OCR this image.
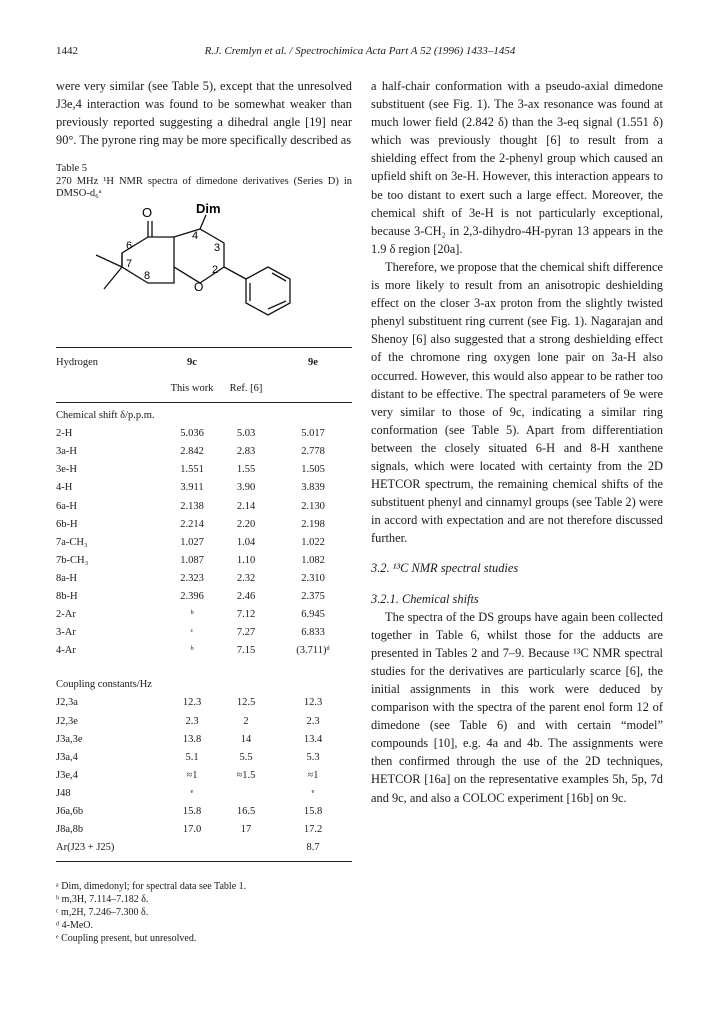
1442	R.J. Cremlyn et al. / Spectrochimica Acta Part A 52 (1996) 1433–1454

were very similar (see Table 5), except that the unresolved J3e,4 interaction was found to be somewhat weaker than previously reported suggesting a dihedral angle [19] near 90°. The pyrone ring may be more specifically described as

Table 5
270 MHz ¹H NMR spectra of dimedone derivatives (Series D) in DMSO-d₆ᵃ
O	Dim
O
6
7
8
4
3
2

Hydrogen	9c		9e

	This work	Ref. [6]	

Chemical shift δ/p.p.m.			
2-H	5.036	5.03	5.017
3a-H	2.842	2.83	2.778
3e-H	1.551	1.55	1.505
4-H	3.911	3.90	3.839
6a-H	2.138	2.14	2.130
6b-H	2.214	2.20	2.198
7a-CH₃	1.027	1.04	1.022
7b-CH₃	1.087	1.10	1.082
8a-H	2.323	2.32	2.310
8b-H	2.396	2.46	2.375
2-Ar	ᵇ	7.12	6.945
3-Ar	ᶜ	7.27	6.833
4-Ar	ᵇ	7.15	(3.711)ᵈ

Coupling constants/Hz			
J2,3a	12.3	12.5	12.3
J2,3e	2.3	2	2.3
J3a,3e	13.8	14	13.4
J3a,4	5.1	5.5	5.3
J3e,4	≈1	≈1.5	≈1
J48	ᵉ		ᵉ
J6a,6b	15.8	16.5	15.8
J8a,8b	17.0	17	17.2
Ar(J23 + J25)			8.7

ᵃ Dim, dimedonyl; for spectral data see Table 1.
ᵇ m,3H, 7.114–7.182 δ.
ᶜ m,2H, 7.246–7.300 δ.
ᵈ 4-MeO.
ᵉ Coupling present, but unresolved.

a half-chair conformation with a pseudo-axial dimedone substituent (see Fig. 1). The 3-ax resonance was found at much lower field (2.842 δ) than the 3-eq signal (1.551 δ) which was previously thought [6] to result from a shielding effect from the 2-phenyl group which caused an upfield shift on 3e-H. However, this interaction appears to be too distant to exert such a large effect. Moreover, the chemical shift of 3e-H is not particularly exceptional, because 3-CH₂ in 2,3-dihydro-4H-pyran 13 appears in the 1.9 δ region [20a].

Therefore, we propose that the chemical shift difference is more likely to result from an anisotropic deshielding effect on the closer 3-ax proton from the slightly twisted phenyl substituent ring current (see Fig. 1). Nagarajan and Shenoy [6] also suggested that a strong deshielding effect of the chromone ring oxygen lone pair on 3a-H also occurred. However, this would also appear to be rather too distant to be effective. The spectral parameters of 9e were very similar to those of 9c, indicating a similar ring conformation (see Table 5). Apart from differentiation between the closely situated 6-H and 8-H xanthene signals, which were located with certainty from the 2D HETCOR spectrum, the remaining chemical shifts of the substituent phenyl and cinnamyl groups (see Table 2) were in accord with expectation and are not therefore discussed further.

3.2. ¹³C NMR spectral studies

3.2.1. Chemical shifts

The spectra of the DS groups have again been collected together in Table 6, whilst those for the adducts are presented in Tables 2 and 7–9. Because ¹³C NMR spectral studies for the derivatives are particularly scarce [6], the initial assignments in this work were deduced by comparison with the spectra of the parent enol form 12 of dimedone (see Table 6) and with certain “model” compounds [10], e.g. 4a and 4b. The assignments were then confirmed through the use of the 2D techniques, HETCOR [16a] on the representative examples 5h, 5p, 7d and 9c, and also a COLOC experiment [16b] on 9c.
